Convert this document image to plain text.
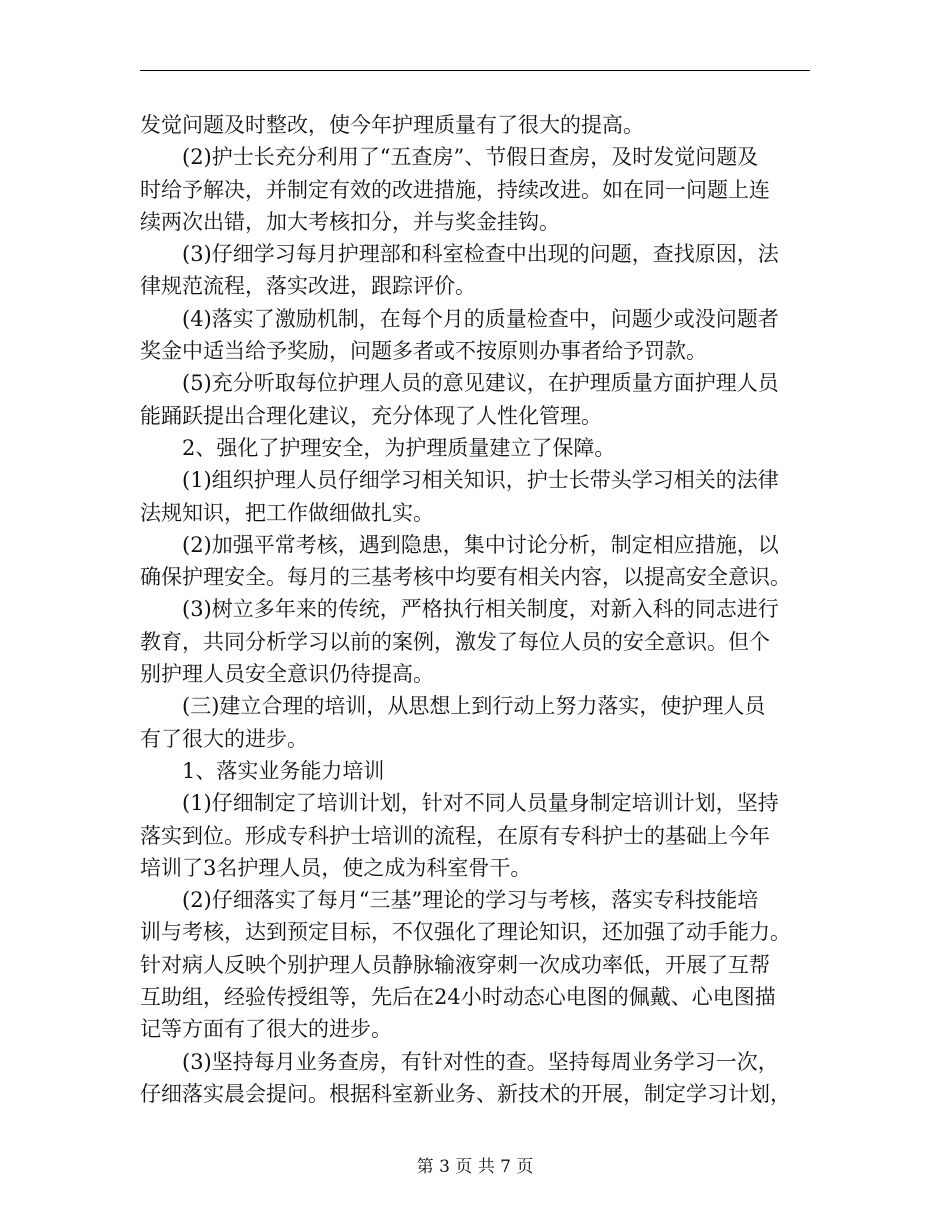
发觉问题及时整改，使今年护理质量有了很大的提高。
(2)护士长充分利用了“五查房”、节假日查房，及时发觉问题及
时给予解决，并制定有效的改进措施，持续改进。如在同一问题上连
续两次出错，加大考核扣分，并与奖金挂钩。
(3)仔细学习每月护理部和科室检查中出现的问题，查找原因，法
律规范流程，落实改进，跟踪评价。
(4)落实了激励机制，在每个月的质量检查中，问题少或没问题者
奖金中适当给予奖励，问题多者或不按原则办事者给予罚款。
(5)充分听取每位护理人员的意见建议，在护理质量方面护理人员
能踊跃提出合理化建议，充分体现了人性化管理。
2、强化了护理安全，为护理质量建立了保障。
(1)组织护理人员仔细学习相关知识，护士长带头学习相关的法律
法规知识，把工作做细做扎实。
(2)加强平常考核，遇到隐患，集中讨论分析，制定相应措施，以
确保护理安全。每月的三基考核中均要有相关内容，以提高安全意识。
(3)树立多年来的传统，严格执行相关制度，对新入科的同志进行
教育，共同分析学习以前的案例，激发了每位人员的安全意识。但个
别护理人员安全意识仍待提高。
(三)建立合理的培训，从思想上到行动上努力落实，使护理人员
有了很大的进步。
1、落实业务能力培训
(1)仔细制定了培训计划，针对不同人员量身制定培训计划，坚持
落实到位。形成专科护士培训的流程，在原有专科护士的基础上今年
培训了3名护理人员，使之成为科室骨干。
(2)仔细落实了每月“三基”理论的学习与考核，落实专科技能培
训与考核，达到预定目标，不仅强化了理论知识，还加强了动手能力。
针对病人反映个别护理人员静脉输液穿刺一次成功率低，开展了互帮
互助组，经验传授组等，先后在24小时动态心电图的佩戴、心电图描
记等方面有了很大的进步。
(3)坚持每月业务查房，有针对性的查。坚持每周业务学习一次，
仔细落实晨会提问。根据科室新业务、新技术的开展，制定学习计划，
第 3 页 共 7 页
